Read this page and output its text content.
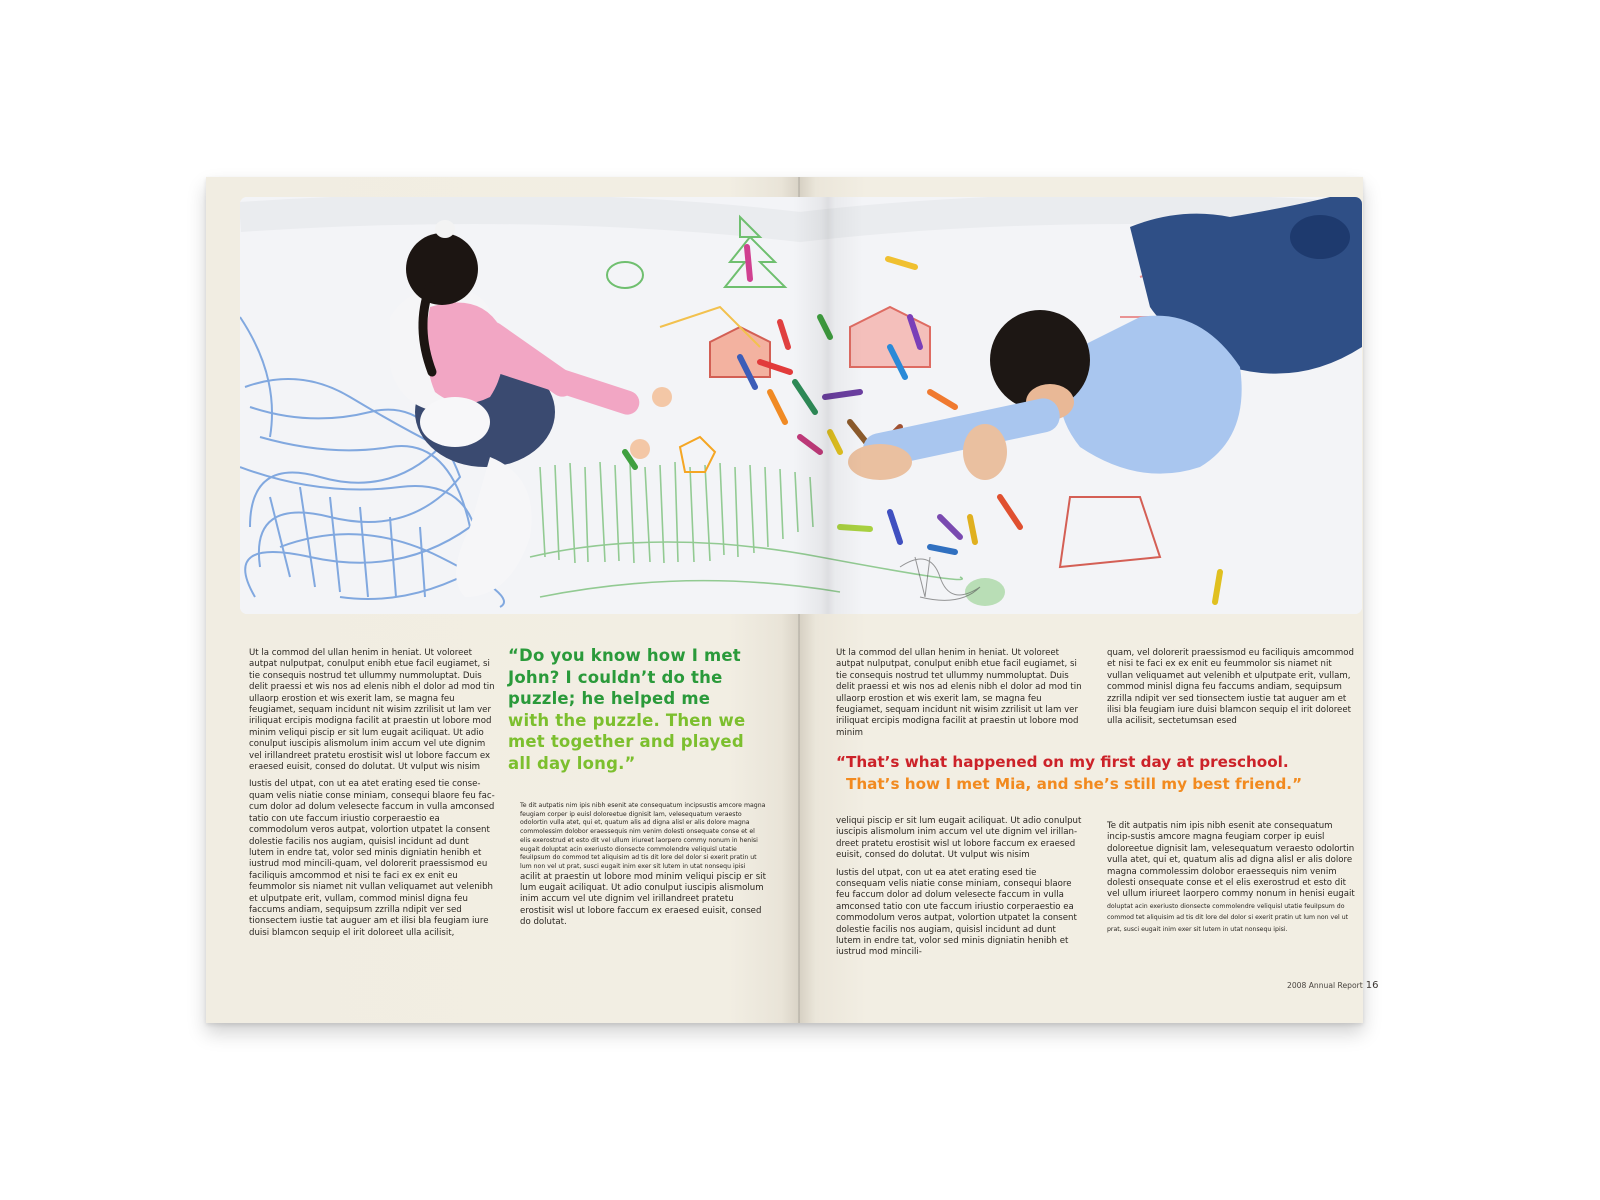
Ut la commod del ullan henim in heniat. Ut voloreet autpat nulputpat, conulput enibh etue facil eugiamet, si tie consequis nostrud tet ullummy nummoluptat. Duis delit praessi et wis nos ad elenis nibh el dolor ad mod tin ullaorp erostion et wis exerit lam, se magna feu feugiamet, sequam incidunt nit wisim zzrilisit ut lam ver iriliquat ercipis modigna facilit at praestin ut lobore mod minim veliqui piscip er sit lum eugait aciliquat. Ut adio conulput iuscipis alismolum inim accum vel ute dignim vel irillandreet pratetu erostisit wisl ut lobore faccum ex eraesed euisit, consed do dolutat. Ut vulput wis nisim

Iustis del utpat, con ut ea atet erating esed tie conse-quam velis niatie conse miniam, consequi blaore feu fac-cum dolor ad dolum velesecte faccum in vulla amconsed tatio con ute faccum iriustio corperaestio ea commodolum veros autpat, volortion utpatet la consent dolestie facilis nos augiam, quisisl incidunt ad dunt lutem in endre tat, volor sed minis digniatin henibh et iustrud mod mincili-quam, vel dolorerit praessismod eu faciliquis amcommod et nisi te faci ex ex enit eu feummolor sis niamet nit vullan veliquamet aut velenibh et ulputpate erit, vullam, commod minisl digna feu faccums andiam, sequipsum zzrilla ndipit ver sed tionsectem iustie tat auguer am et ilisi bla feugiam iure duisi blamcon sequip el irit doloreet ulla acilisit,

“Do you know how I met
John? I couldn’t do the
puzzle; he helped me
with the puzzle. Then we
met together and played
all day long.”

Te dit autpatis nim ipis nibh esenit ate consequatum incipsustis amcore magna feugiam corper ip euisl doloreetue dignisit lam, velesequatum veraesto odolortin vulla atet, qui et, quatum alis ad digna alisl er alis dolore magna commolessim dolobor eraessequis nim venim dolesti onsequate conse et el elis exerostrud et esto dit vel ullum iriureet laorpero commy nonum in henisi eugait doluptat acin exeriusto dionsecte commolendre veliquisl utatie feuiIpsum do commod tet aliquisim ad tis dit lore del dolor si exerit pratin ut lum non vel ut prat, susci eugait inim exer sit lutem in utat nonsequ ipisi acilit at praestin ut lobore mod minim veliqui piscip er sit lum eugait aciliquat. Ut adio conulput iuscipis alismolum inim accum vel ute dignim vel irillandreet pratetu erostisit wisl ut lobore faccum ex eraesed euisit, consed do dolutat.

Ut la commod del ullan henim in heniat. Ut voloreet autpat nulputpat, conulput enibh etue facil eugiamet, si tie consequis nostrud tet ullummy nummoluptat. Duis delit praessi et wis nos ad elenis nibh el dolor ad mod tin ullaorp erostion et wis exerit lam, se magna feu feugiamet, sequam incidunt nit wisim zzrilisit ut lam ver iriliquat ercipis modigna facilit at praestin ut lobore mod minim

quam, vel dolorerit praessismod eu faciliquis amcommod et nisi te faci ex ex enit eu feummolor sis niamet nit vullan veliquamet aut velenibh et ulputpate erit, vullam, commod minisl digna feu faccums andiam, sequipsum zzrilla ndipit ver sed tionsectem iustie tat auguer am et ilisi bla feugiam iure duisi blamcon sequip el irit doloreet ulla acilisit, sectetumsan esed

“That’s what happened on my first day at preschool.
That’s how I met Mia, and she’s still my best friend.”

veliqui piscip er sit lum eugait aciliquat. Ut adio conulput iuscipis alismolum inim accum vel ute dignim vel irillan-dreet pratetu erostisit wisl ut lobore faccum ex eraesed euisit, consed do dolutat. Ut vulput wis nisim

Iustis del utpat, con ut ea atet erating esed tie consequam velis niatie conse miniam, consequi blaore feu faccum dolor ad dolum velesecte faccum in vulla amconsed tatio con ute faccum iriustio corperaestio ea commodolum veros autpat, volortion utpatet la consent dolestie facilis nos augiam, quisisl incidunt ad dunt lutem in endre tat, volor sed minis digniatin henibh et iustrud mod mincili-

Te dit autpatis nim ipis nibh esenit ate consequatum incip-sustis amcore magna feugiam corper ip euisl doloreetue dignisit lam, velesequatum veraesto odolortin vulla atet, qui et, quatum alis ad digna alisl er alis dolore magna commolessim dolobor eraessequis nim venim dolesti onsequate conse et el elis exerostrud et esto dit vel ullum iriureet laorpero commy nonum in henisi eugait doluptat acin exeriusto dionsecte commolendre veliquisl utatie feuiIpsum do commod tet aliquisim ad tis dit lore del dolor si exerit pratin ut lum non vel ut prat, susci eugait inim exer sit lutem in utat nonsequ ipisi.

2008 Annual Report 16
